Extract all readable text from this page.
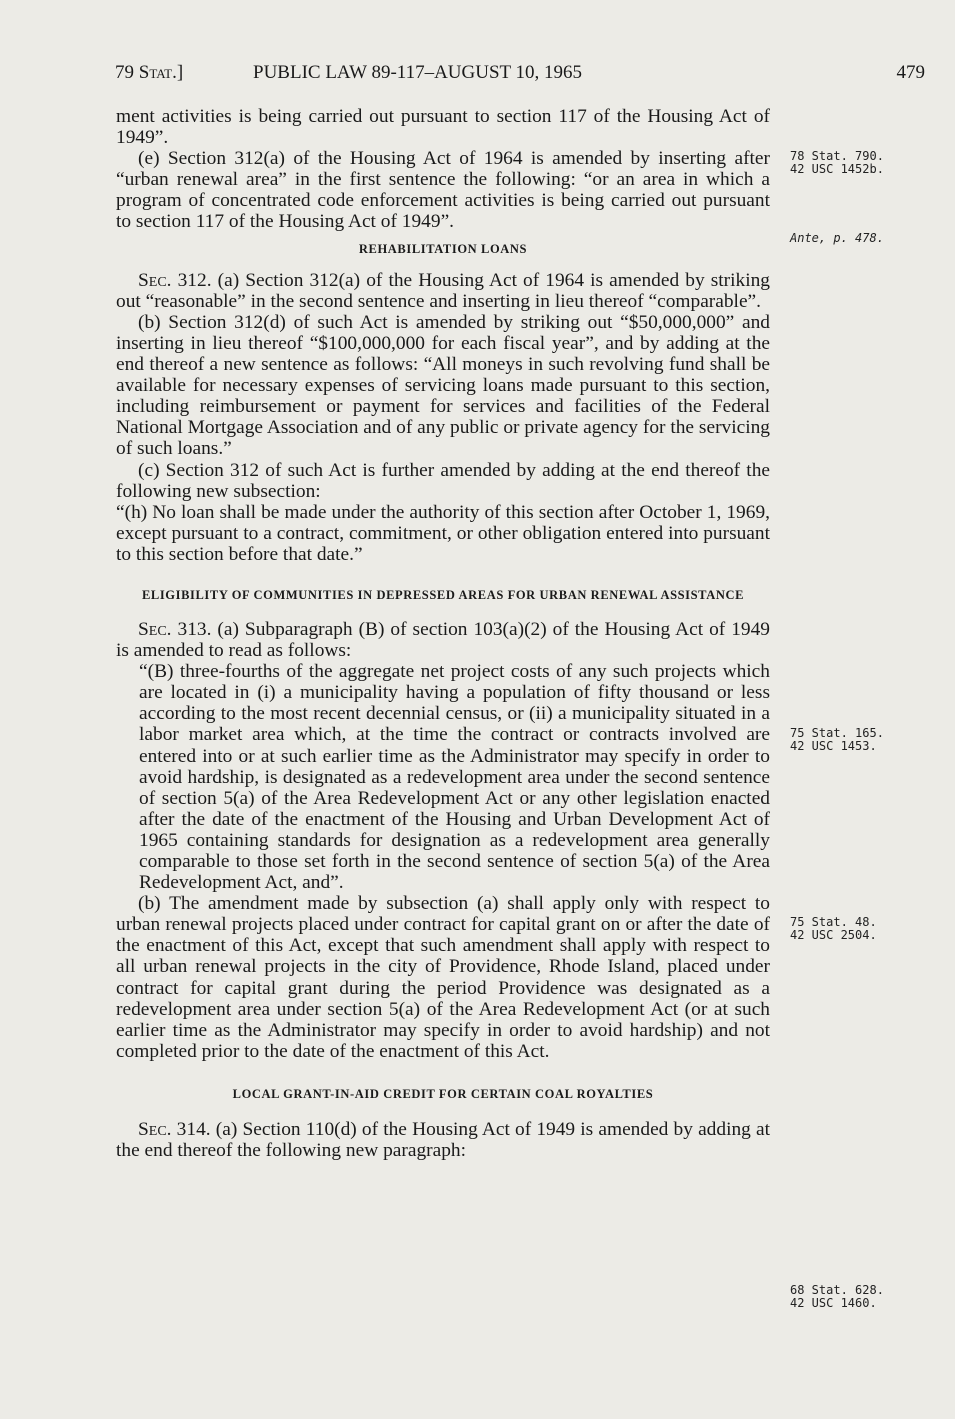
79 Stat.]	PUBLIC LAW 89-117–AUGUST 10, 1965	479

ment activities is being carried out pursuant to section 117 of the Housing Act of 1949”.

(e) Section 312(a) of the Housing Act of 1964 is amended by inserting after “urban renewal area” in the first sentence the following: “or an area in which a program of concentrated code enforcement activities is being carried out pursuant to section 117 of the Housing Act of 1949”.

REHABILITATION LOANS

Sec. 312. (a) Section 312(a) of the Housing Act of 1964 is amended by striking out “reasonable” in the second sentence and inserting in lieu thereof “comparable”.

(b) Section 312(d) of such Act is amended by striking out “$50,000,000” and inserting in lieu thereof “$100,000,000 for each fiscal year”, and by adding at the end thereof a new sentence as follows: “All moneys in such revolving fund shall be available for necessary expenses of servicing loans made pursuant to this section, including reimbursement or payment for services and facilities of the Federal National Mortgage Association and of any public or private agency for the servicing of such loans.”

(c) Section 312 of such Act is further amended by adding at the end thereof the following new subsection:

“(h) No loan shall be made under the authority of this section after October 1, 1969, except pursuant to a contract, commitment, or other obligation entered into pursuant to this section before that date.”

ELIGIBILITY OF COMMUNITIES IN DEPRESSED AREAS FOR URBAN RENEWAL ASSISTANCE

Sec. 313. (a) Subparagraph (B) of section 103(a)(2) of the Housing Act of 1949 is amended to read as follows:

“(B) three-fourths of the aggregate net project costs of any such projects which are located in (i) a municipality having a population of fifty thousand or less according to the most recent decennial census, or (ii) a municipality situated in a labor market area which, at the time the contract or contracts involved are entered into or at such earlier time as the Administrator may specify in order to avoid hardship, is designated as a redevelopment area under the second sentence of section 5(a) of the Area Redevelopment Act or any other legislation enacted after the date of the enactment of the Housing and Urban Development Act of 1965 containing standards for designation as a redevelopment area generally comparable to those set forth in the second sentence of section 5(a) of the Area Redevelopment Act, and”.

(b) The amendment made by subsection (a) shall apply only with respect to urban renewal projects placed under contract for capital grant on or after the date of the enactment of this Act, except that such amendment shall apply with respect to all urban renewal projects in the city of Providence, Rhode Island, placed under contract for capital grant during the period Providence was designated as a redevelopment area under section 5(a) of the Area Redevelopment Act (or at such earlier time as the Administrator may specify in order to avoid hardship) and not completed prior to the date of the enactment of this Act.

LOCAL GRANT-IN-AID CREDIT FOR CERTAIN COAL ROYALTIES

Sec. 314. (a) Section 110(d) of the Housing Act of 1949 is amended by adding at the end thereof the following new paragraph:

78 Stat. 790.
42 USC 1452b.
Ante, p. 478.
75 Stat. 165.
42 USC 1453.
75 Stat. 48.
42 USC 2504.
68 Stat. 628.
42 USC 1460.
